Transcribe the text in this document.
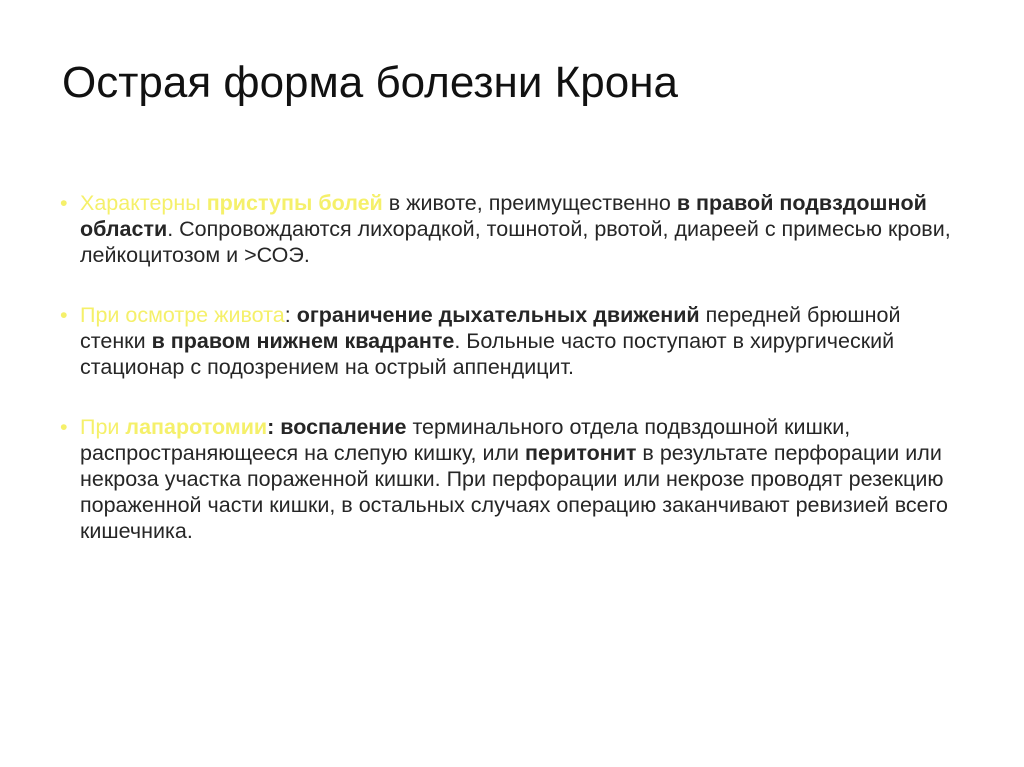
Острая форма болезни Крона
• Характерны приступы болей в животе, преимущественно в правой подвздошной области. Сопровождаются лихорадкой, тошнотой, рвотой, диареей с примесью крови, лейкоцитозом и >СОЭ.
• При осмотре живота: ограничение дыхательных движений передней брюшной стенки в правом нижнем квадранте. Больные часто поступают в хирургический стационар с подозрением на острый аппендицит.
• При лапаротомии: воспаление терминального отдела подвздошной кишки, распространяющееся на слепую кишку, или перитонит в результате перфорации или некроза участка пораженной кишки. При перфорации или некрозе проводят резекцию пораженной части кишки, в остальных случаях операцию заканчивают ревизией всего кишечника.
